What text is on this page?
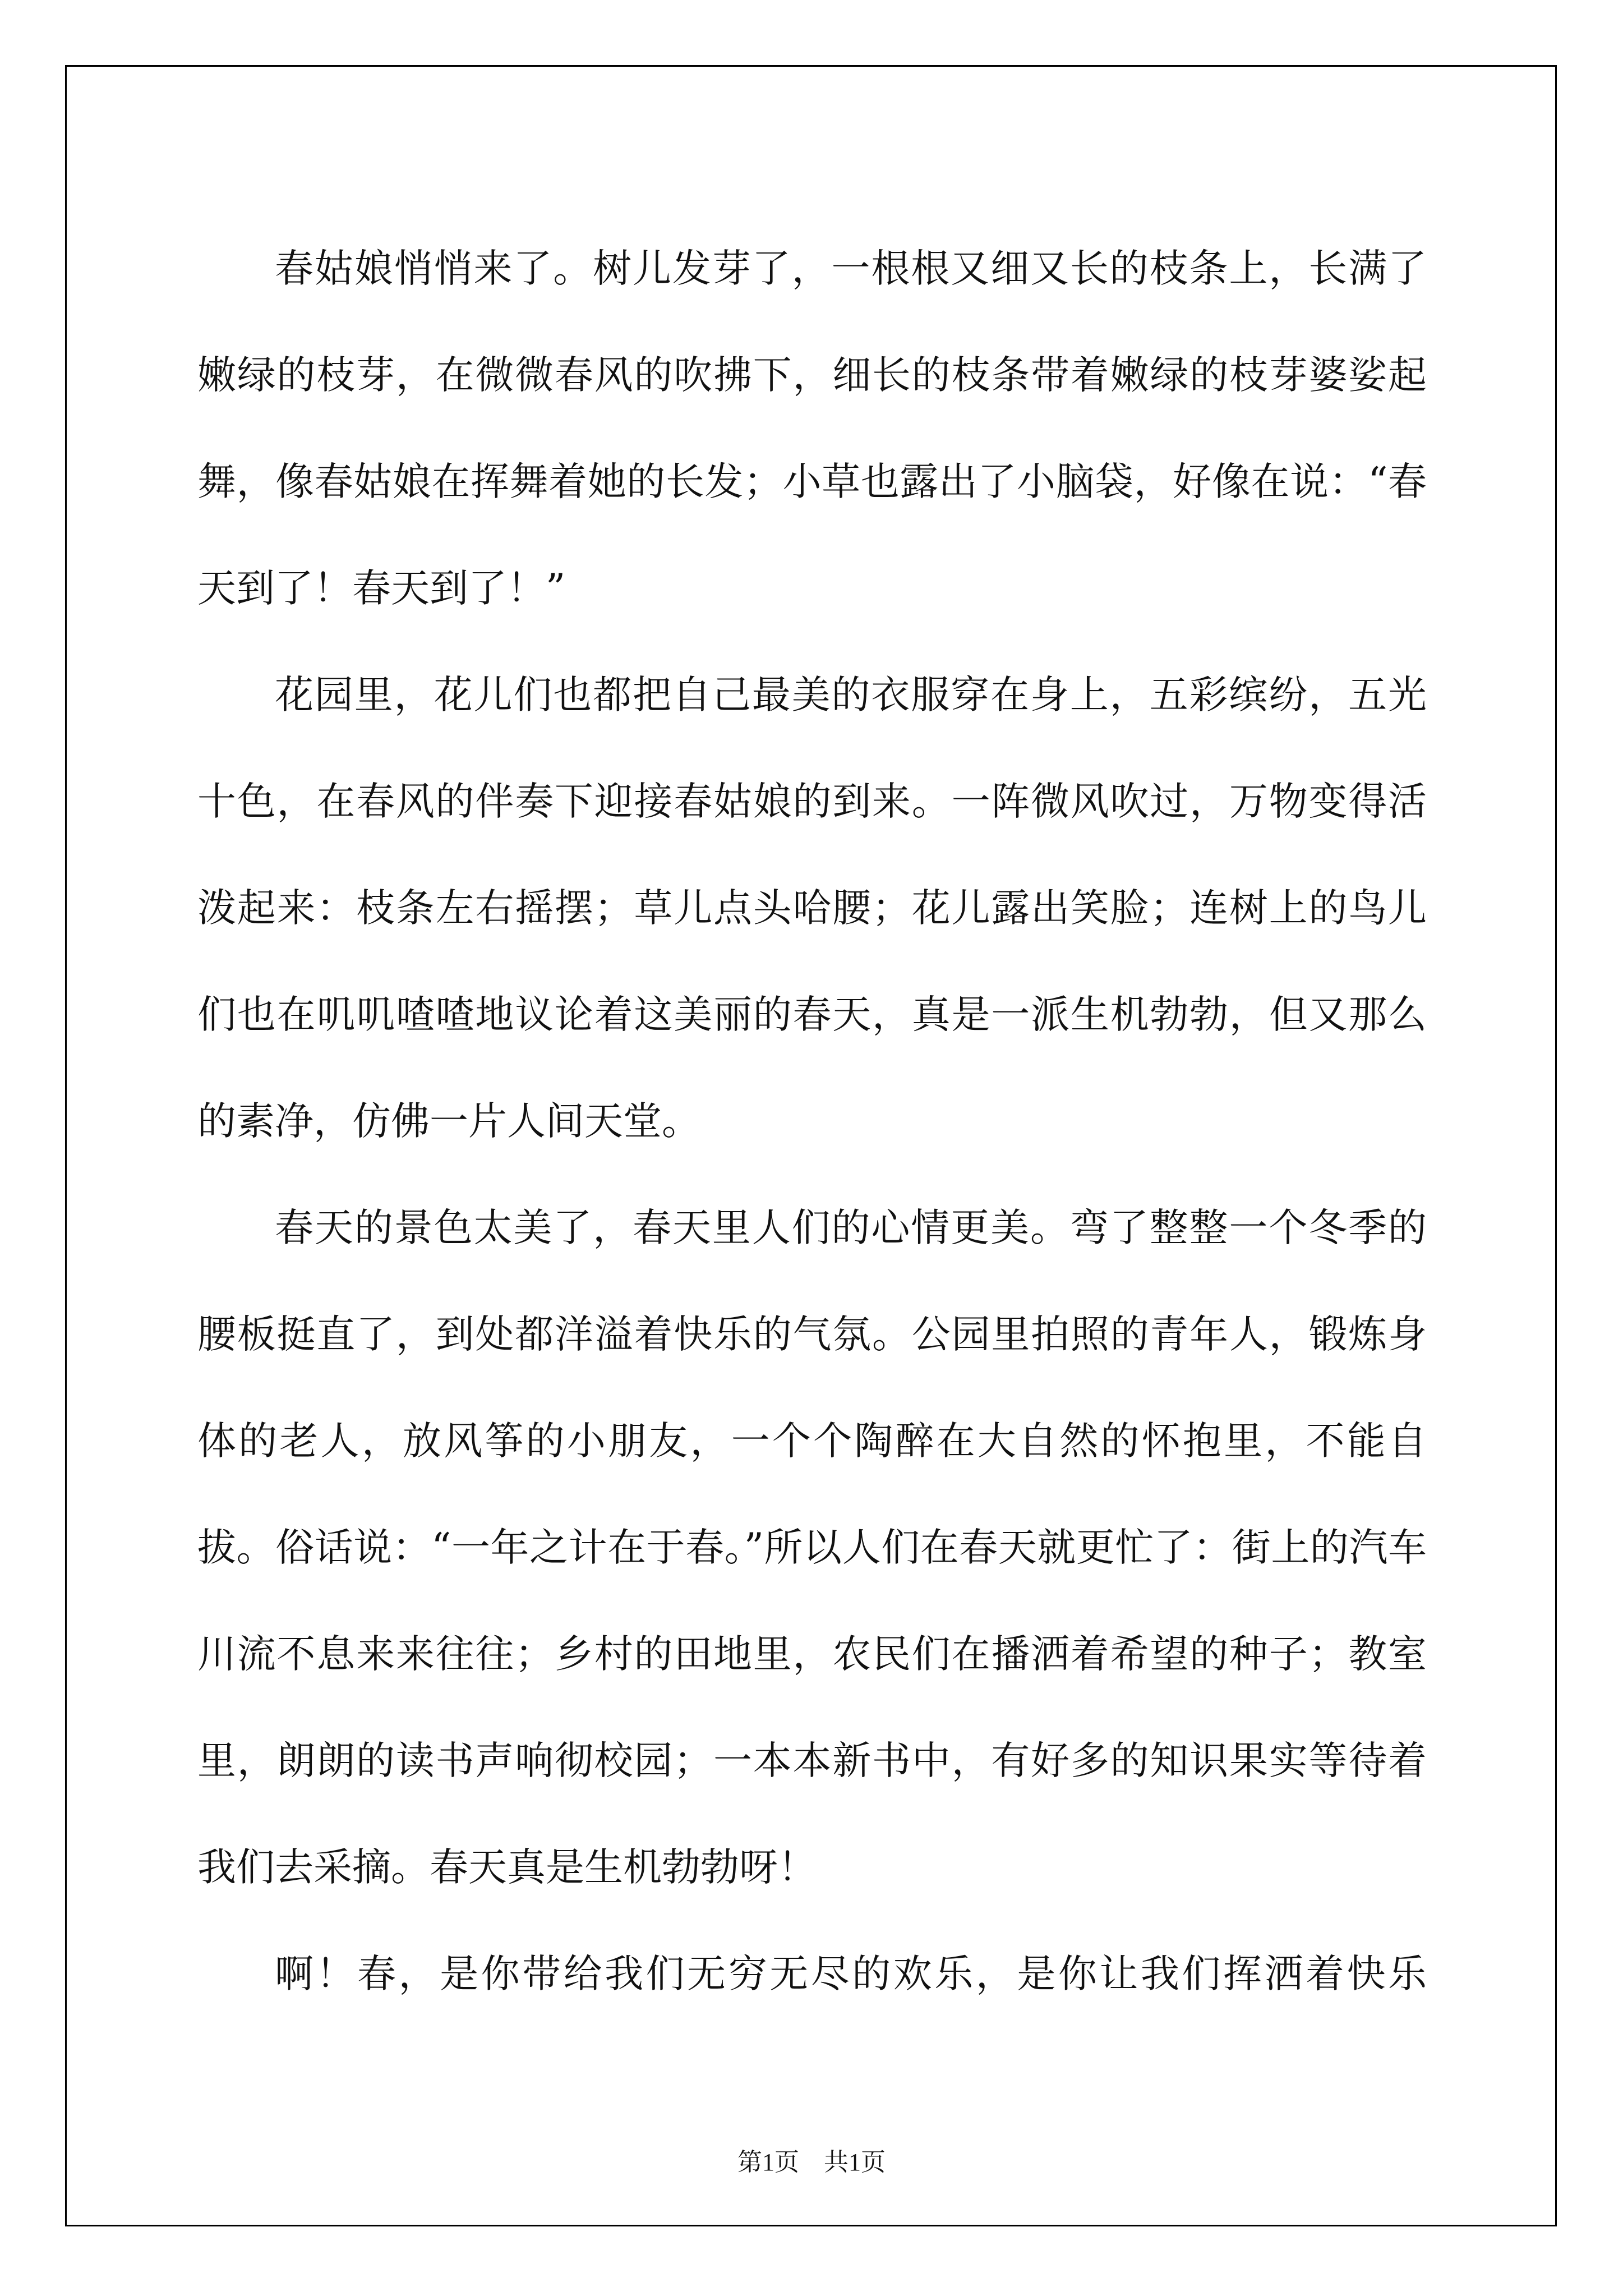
春姑娘悄悄来了。树儿发芽了，一根根又细又长的枝条上，长满了嫩绿的枝芽，在微微春风的吹拂下，细长的枝条带着嫩绿的枝芽婆娑起舞，像春姑娘在挥舞着她的长发；小草也露出了小脑袋，好像在说：“春天到了！春天到了！”

花园里，花儿们也都把自己最美的衣服穿在身上，五彩缤纷，五光十色，在春风的伴奏下迎接春姑娘的到来。一阵微风吹过，万物变得活泼起来：枝条左右摇摆；草儿点头哈腰；花儿露出笑脸；连树上的鸟儿们也在叽叽喳喳地议论着这美丽的春天，真是一派生机勃勃，但又那么的素净，仿佛一片人间天堂。

春天的景色太美了，春天里人们的心情更美。弯了整整一个冬季的腰板挺直了，到处都洋溢着快乐的气氛。公园里拍照的青年人，锻炼身体的老人，放风筝的小朋友，一个个陶醉在大自然的怀抱里，不能自拔。俗话说：“一年之计在于春。”所以人们在春天就更忙了：街上的汽车川流不息来来往往；乡村的田地里，农民们在播洒着希望的种子；教室里，朗朗的读书声响彻校园；一本本新书中，有好多的知识果实等待着我们去采摘。春天真是生机勃勃呀！

啊！春，是你带给我们无穷无尽的欢乐，是你让我们挥洒着快乐

第1页　共1页
